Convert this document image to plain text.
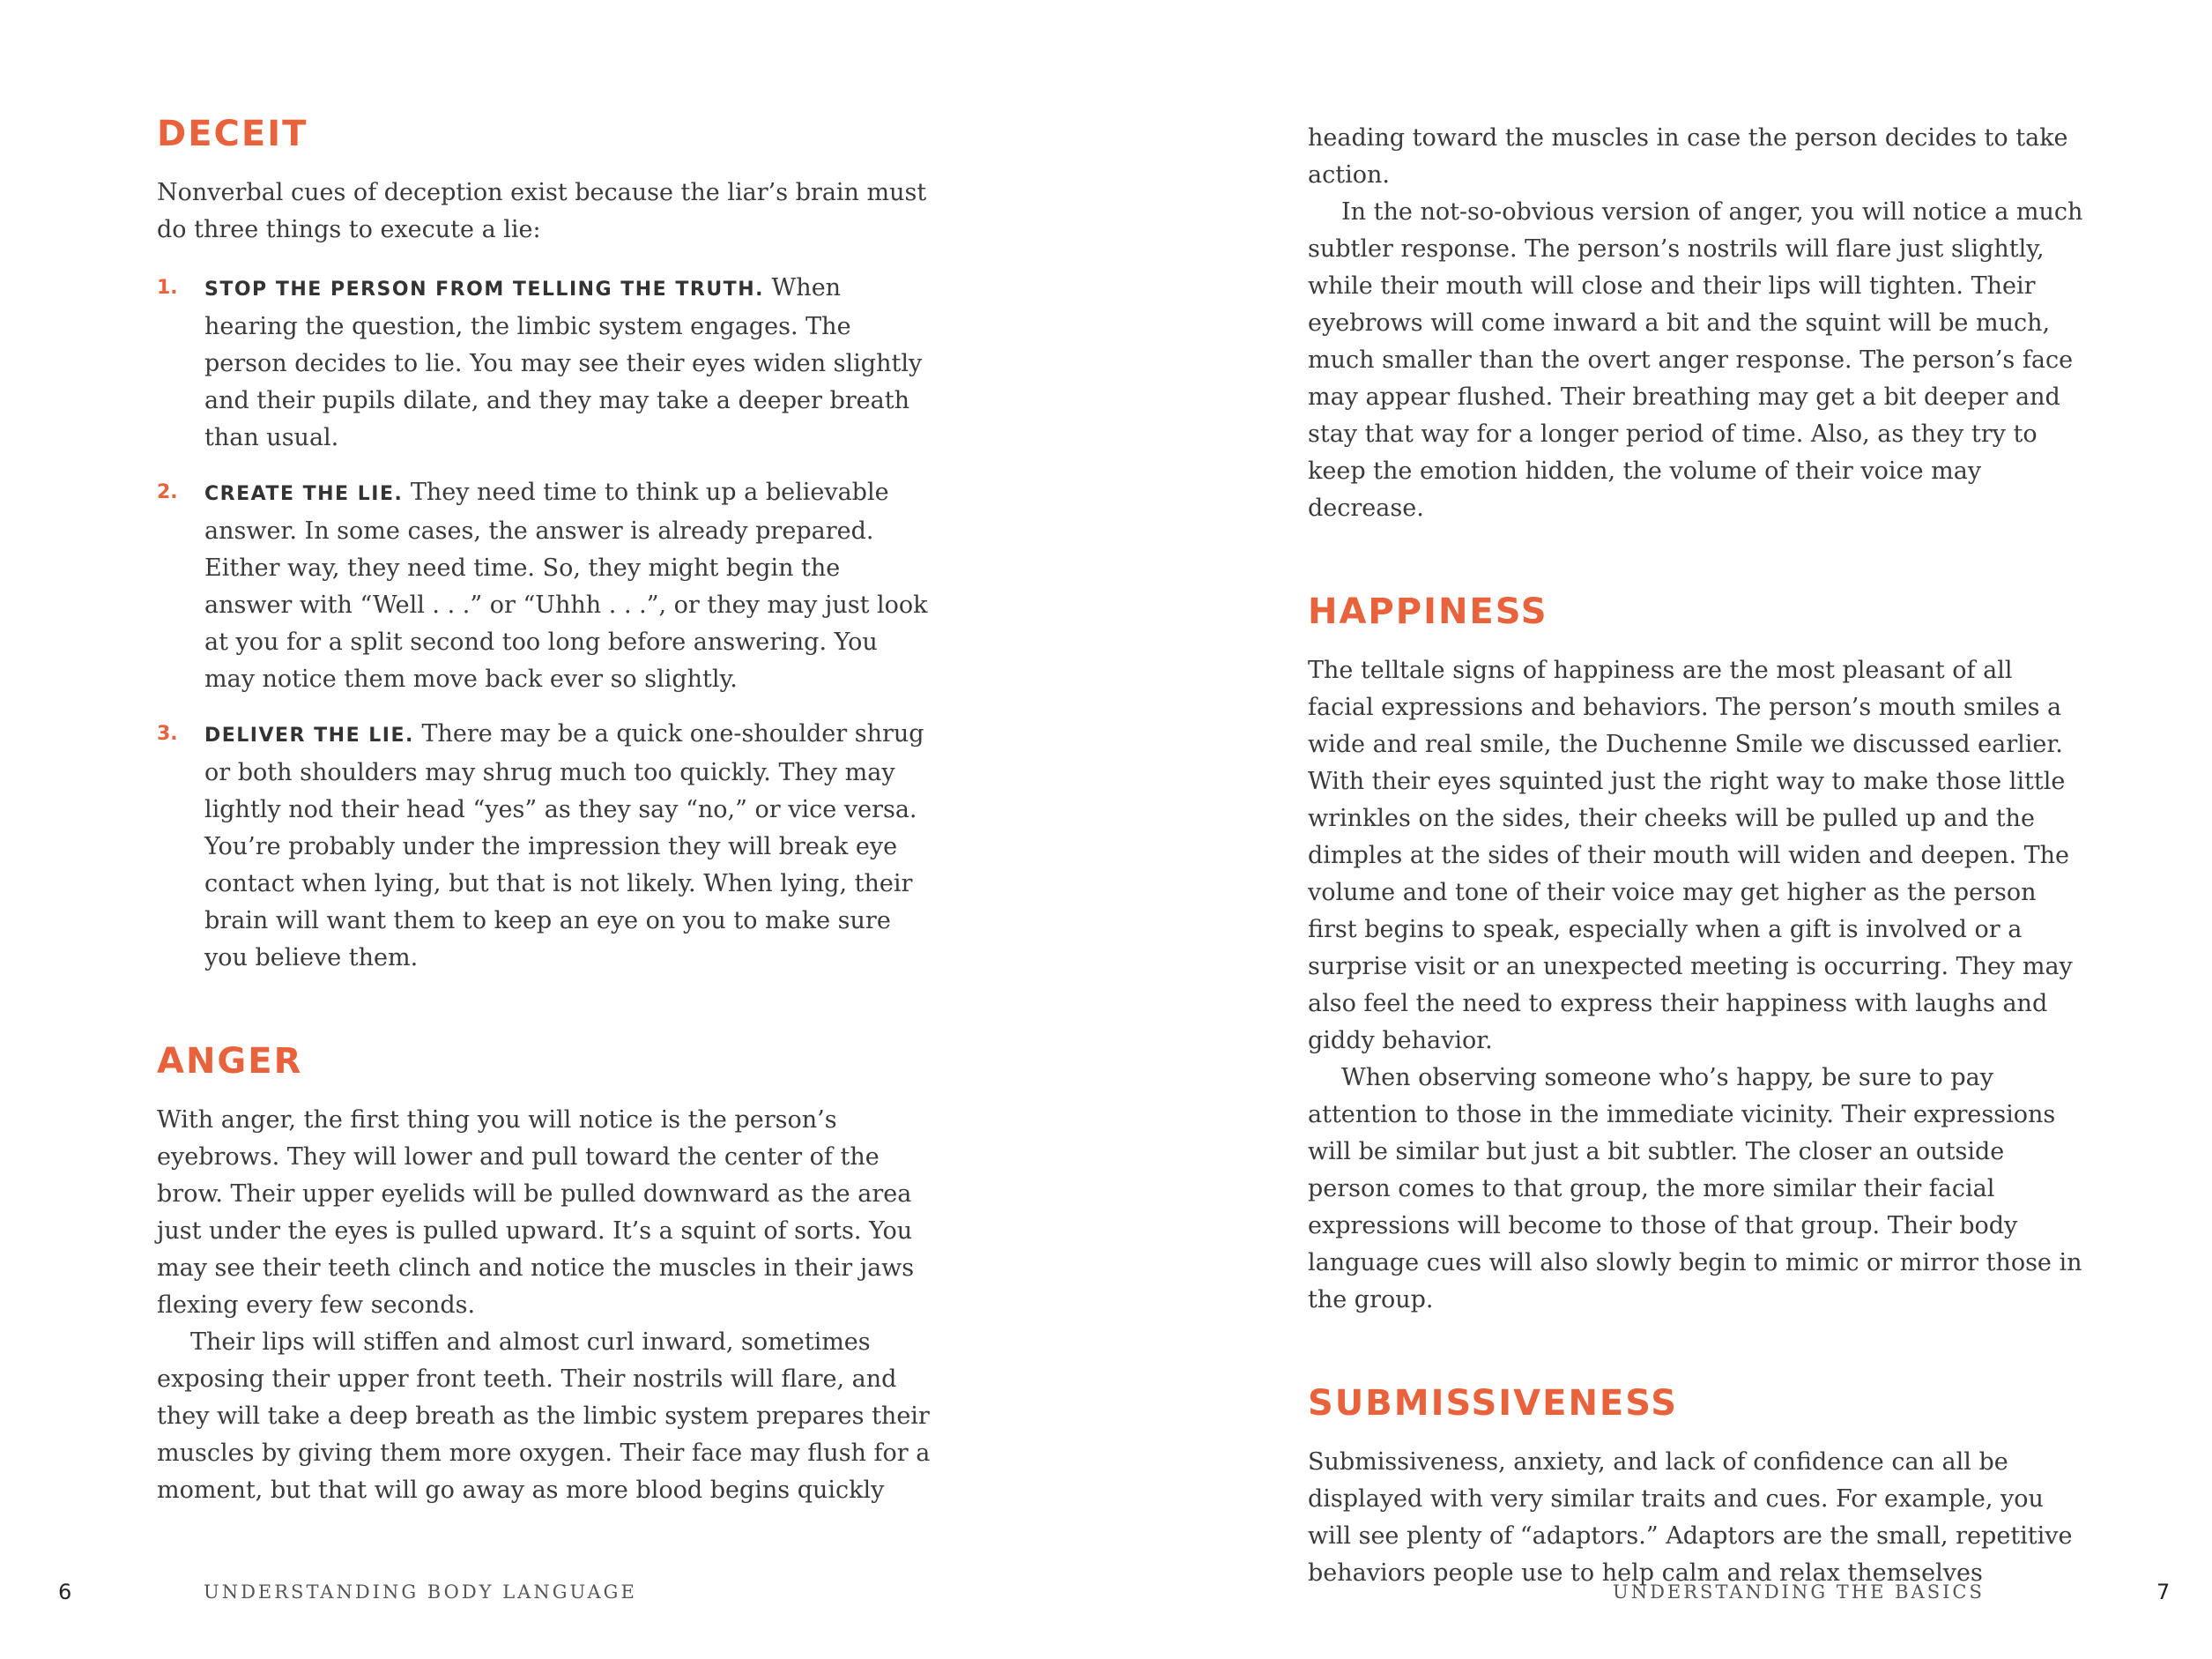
DECEIT

Nonverbal cues of deception exist because the liar’s brain must do three things to execute a lie:

1. STOP THE PERSON FROM TELLING THE TRUTH. When hearing the question, the limbic system engages. The person decides to lie. You may see their eyes widen slightly and their pupils dilate, and they may take a deeper breath than usual.
2. CREATE THE LIE. They need time to think up a believable answer. In some cases, the answer is already prepared. Either way, they need time. So, they might begin the answer with “Well . . .” or “Uhhh . . .”, or they may just look at you for a split second too long before answering. You may notice them move back ever so slightly.
3. DELIVER THE LIE. There may be a quick one-shoulder shrug or both shoulders may shrug much too quickly. They may lightly nod their head “yes” as they say “no,” or vice versa. You’re probably under the impression they will break eye contact when lying, but that is not likely. When lying, their brain will want them to keep an eye on you to make sure you believe them.
ANGER

With anger, the first thing you will notice is the person’s eyebrows. They will lower and pull toward the center of the brow. Their upper eyelids will be pulled downward as the area just under the eyes is pulled upward. It’s a squint of sorts. You may see their teeth clinch and notice the muscles in their jaws flexing every few seconds.

Their lips will stiffen and almost curl inward, sometimes exposing their upper front teeth. Their nostrils will flare, and they will take a deep breath as the limbic system prepares their muscles by giving them more oxygen. Their face may flush for a moment, but that will go away as more blood begins quickly

6	UNDERSTANDING BODY LANGUAGE

heading toward the muscles in case the person decides to take action.

In the not-so-obvious version of anger, you will notice a much subtler response. The person’s nostrils will flare just slightly, while their mouth will close and their lips will tighten. Their eyebrows will come inward a bit and the squint will be much, much smaller than the overt anger response. The person’s face may appear flushed. Their breathing may get a bit deeper and stay that way for a longer period of time. Also, as they try to keep the emotion hidden, the volume of their voice may decrease.

HAPPINESS

The telltale signs of happiness are the most pleasant of all facial expressions and behaviors. The person’s mouth smiles a wide and real smile, the Duchenne Smile we discussed earlier. With their eyes squinted just the right way to make those little wrinkles on the sides, their cheeks will be pulled up and the dimples at the sides of their mouth will widen and deepen. The volume and tone of their voice may get higher as the person first begins to speak, especially when a gift is involved or a surprise visit or an unexpected meeting is occurring. They may also feel the need to express their happiness with laughs and giddy behavior.

When observing someone who’s happy, be sure to pay attention to those in the immediate vicinity. Their expressions will be similar but just a bit subtler. The closer an outside person comes to that group, the more similar their facial expressions will become to those of that group. Their body language cues will also slowly begin to mimic or mirror those in the group.

SUBMISSIVENESS

Submissiveness, anxiety, and lack of confidence can all be displayed with very similar traits and cues. For example, you will see plenty of “adaptors.” Adaptors are the small, repetitive behaviors people use to help calm and relax themselves

UNDERSTANDING THE BASICS	7
